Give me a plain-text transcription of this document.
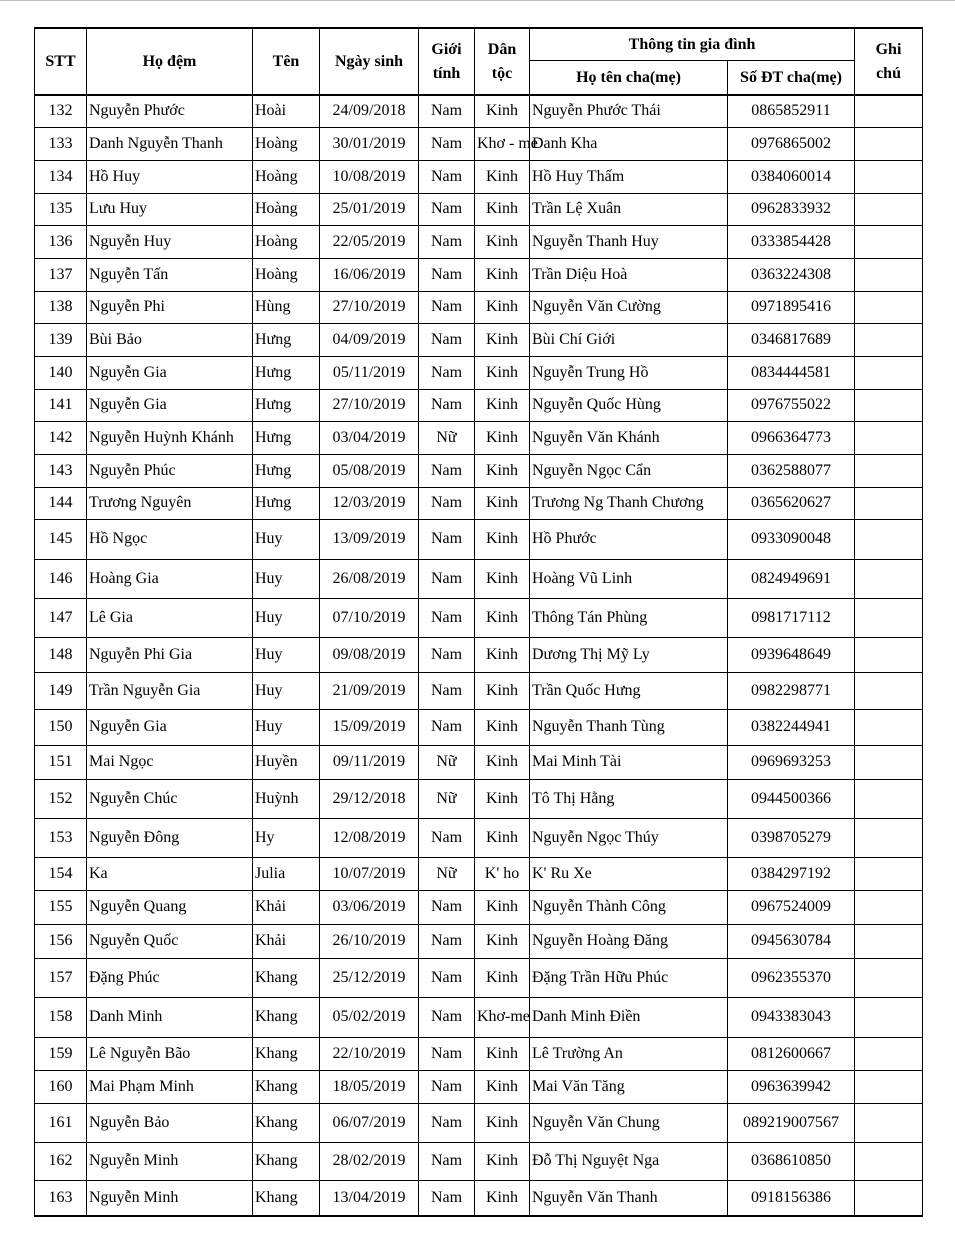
STT	Họ đệm	Tên	Ngày sinh	Giới tính	Dân tộc	Thông tin gia đình		Ghi chú
						Họ tên cha(mẹ)	Số ĐT cha(mẹ)	
132	Nguyễn Phước	Hoài	24/09/2018	Nam	Kinh	Nguyễn Phước Thái	0865852911	
133	Danh Nguyễn Thanh	Hoàng	30/01/2019	Nam	Khơ - me	Danh Kha	0976865002	
134	Hồ Huy	Hoàng	10/08/2019	Nam	Kinh	Hồ Huy Thấm	0384060014	
135	Lưu Huy	Hoàng	25/01/2019	Nam	Kinh	Trần Lệ Xuân	0962833932	
136	Nguyễn Huy	Hoàng	22/05/2019	Nam	Kinh	Nguyễn Thanh Huy	0333854428	
137	Nguyễn Tấn	Hoàng	16/06/2019	Nam	Kinh	Trần Diệu Hoà	0363224308	
138	Nguyễn Phi	Hùng	27/10/2019	Nam	Kinh	Nguyễn Văn Cường	0971895416	
139	Bùi Bảo	Hưng	04/09/2019	Nam	Kinh	Bùi Chí Giới	0346817689	
140	Nguyễn Gia	Hưng	05/11/2019	Nam	Kinh	Nguyễn Trung Hồ	0834444581	
141	Nguyễn Gia	Hưng	27/10/2019	Nam	Kinh	Nguyễn Quốc Hùng	0976755022	
142	Nguyễn Huỳnh Khánh	Hưng	03/04/2019	Nữ	Kinh	Nguyễn Văn Khánh	0966364773	
143	Nguyễn Phúc	Hưng	05/08/2019	Nam	Kinh	Nguyễn Ngọc Cẩn	0362588077	
144	Trương Nguyên	Hưng	12/03/2019	Nam	Kinh	Trương Ng Thanh Chương	0365620627	
145	Hồ Ngọc	Huy	13/09/2019	Nam	Kinh	Hồ Phước	0933090048	
146	Hoàng Gia	Huy	26/08/2019	Nam	Kinh	Hoàng Vũ Linh	0824949691	
147	Lê Gia	Huy	07/10/2019	Nam	Kinh	Thông Tán Phùng	0981717112	
148	Nguyễn Phi Gia	Huy	09/08/2019	Nam	Kinh	Dương Thị Mỹ Ly	0939648649	
149	Trần Nguyễn Gia	Huy	21/09/2019	Nam	Kinh	Trần Quốc Hưng	0982298771	
150	Nguyễn Gia	Huy	15/09/2019	Nam	Kinh	Nguyễn Thanh Tùng	0382244941	
151	Mai Ngọc	Huyền	09/11/2019	Nữ	Kinh	Mai Minh Tài	0969693253	
152	Nguyễn Chúc	Huỳnh	29/12/2018	Nữ	Kinh	Tô Thị Hằng	0944500366	
153	Nguyễn Đông	Hy	12/08/2019	Nam	Kinh	Nguyễn Ngọc Thúy	0398705279	
154	Ka	Julia	10/07/2019	Nữ	K' ho	K' Ru Xe	0384297192	
155	Nguyễn Quang	Khải	03/06/2019	Nam	Kinh	Nguyễn Thành Công	0967524009	
156	Nguyễn Quốc	Khải	26/10/2019	Nam	Kinh	Nguyễn Hoàng Đăng	0945630784	
157	Đặng Phúc	Khang	25/12/2019	Nam	Kinh	Đặng Trần Hữu Phúc	0962355370	
158	Danh Minh	Khang	05/02/2019	Nam	Khơ-me	Danh Minh Điền	0943383043	
159	Lê Nguyễn Bão	Khang	22/10/2019	Nam	Kinh	Lê Trường An	0812600667	
160	Mai Phạm Minh	Khang	18/05/2019	Nam	Kinh	Mai Văn Tăng	0963639942	
161	Nguyễn Bảo	Khang	06/07/2019	Nam	Kinh	Nguyễn Văn Chung	089219007567	
162	Nguyễn Minh	Khang	28/02/2019	Nam	Kinh	Đỗ Thị Nguyệt Nga	0368610850	
163	Nguyễn Minh	Khang	13/04/2019	Nam	Kinh	Nguyễn Văn Thanh	0918156386	
